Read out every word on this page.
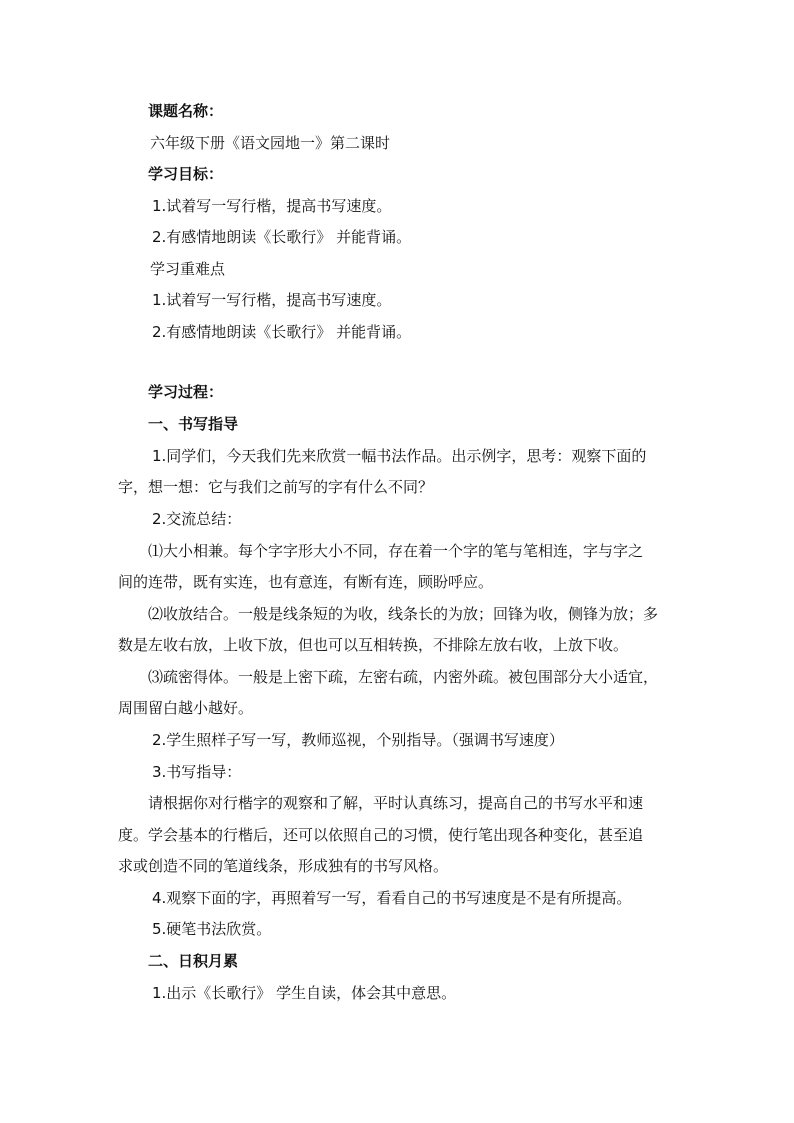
课题名称：
六年级下册《语文园地一》第二课时
学习目标：
1.试着写一写行楷，提高书写速度。
2.有感情地朗读《长歌行》 并能背诵。
学习重难点
1.试着写一写行楷，提高书写速度。
2.有感情地朗读《长歌行》 并能背诵。
学习过程：
一、书写指导
1.同学们，今天我们先来欣赏一幅书法作品。出示例字，思考：观察下面的
字，想一想：它与我们之前写的字有什么不同？
2.交流总结：
⑴大小相兼。每个字字形大小不同，存在着一个字的笔与笔相连，字与字之
间的连带，既有实连，也有意连，有断有连，顾盼呼应。
⑵收放结合。一般是线条短的为收，线条长的为放；回锋为收，侧锋为放；多
数是左收右放，上收下放，但也可以互相转换，不排除左放右收，上放下收。
⑶疏密得体。一般是上密下疏，左密右疏，内密外疏。被包围部分大小适宜，
周围留白越小越好。
2.学生照样子写一写，教师巡视，个别指导。（强调书写速度）
3.书写指导：
请根据你对行楷字的观察和了解，平时认真练习，提高自己的书写水平和速
度。学会基本的行楷后，还可以依照自己的习惯，使行笔出现各种变化，甚至追
求或创造不同的笔道线条，形成独有的书写风格。
4.观察下面的字，再照着写一写，看看自己的书写速度是不是有所提高。
5.硬笔书法欣赏。
二、日积月累
1.出示《长歌行》 学生自读，体会其中意思。
